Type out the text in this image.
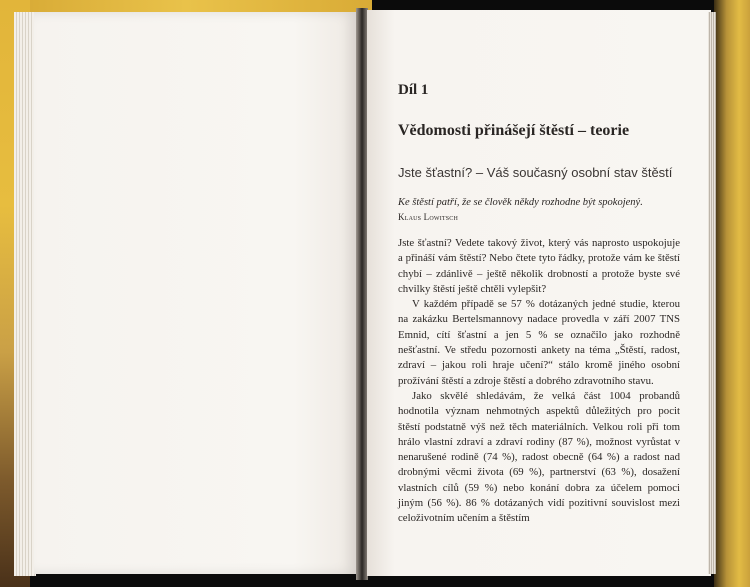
Díl 1
Vědomosti přinášejí štěstí – teorie
Jste šťastní? – Váš současný osobní stav štěstí
Ke štěstí patří, že se člověk někdy rozhodne být spokojený.
Klaus Lowitsch

Jste šťastní? Vedete takový život, který vás naprosto uspokojuje a přináší vám štěstí? Nebo čtete tyto řádky, protože vám ke štěstí chybí – zdánlivě – ještě několik drobností a protože byste své chvilky štěstí ještě chtěli vylepšit?

V každém případě se 57 % dotázaných jedné studie, kterou na zakázku Bertelsmannovy nadace provedla v září 2007 TNS Emnid, cítí šťastní a jen 5 % se označilo jako rozhodně nešťastní. Ve středu pozornosti ankety na téma „Štěstí, radost, zdraví – jakou roli hraje učení?“ stálo kromě jiného osobní prožívání štěstí a zdroje štěstí a dobrého zdravotního stavu.

Jako skvělé shledávám, že velká část 1004 probandů hodnotila význam nehmotných aspektů důležitých pro pocit štěstí podstatně výš než těch materiálních. Velkou roli při tom hrálo vlastní zdraví a zdraví rodiny (87 %), možnost vyrůstat v nenarušené rodině (74 %), radost obecně (64 %) a radost nad drobnými věcmi života (69 %), partnerství (63 %), dosažení vlastních cílů (59 %) nebo konání dobra za účelem pomoci jiným (56 %). 86 % dotázaných vidí pozitivní souvislost mezi celoživotním učením a štěstím
